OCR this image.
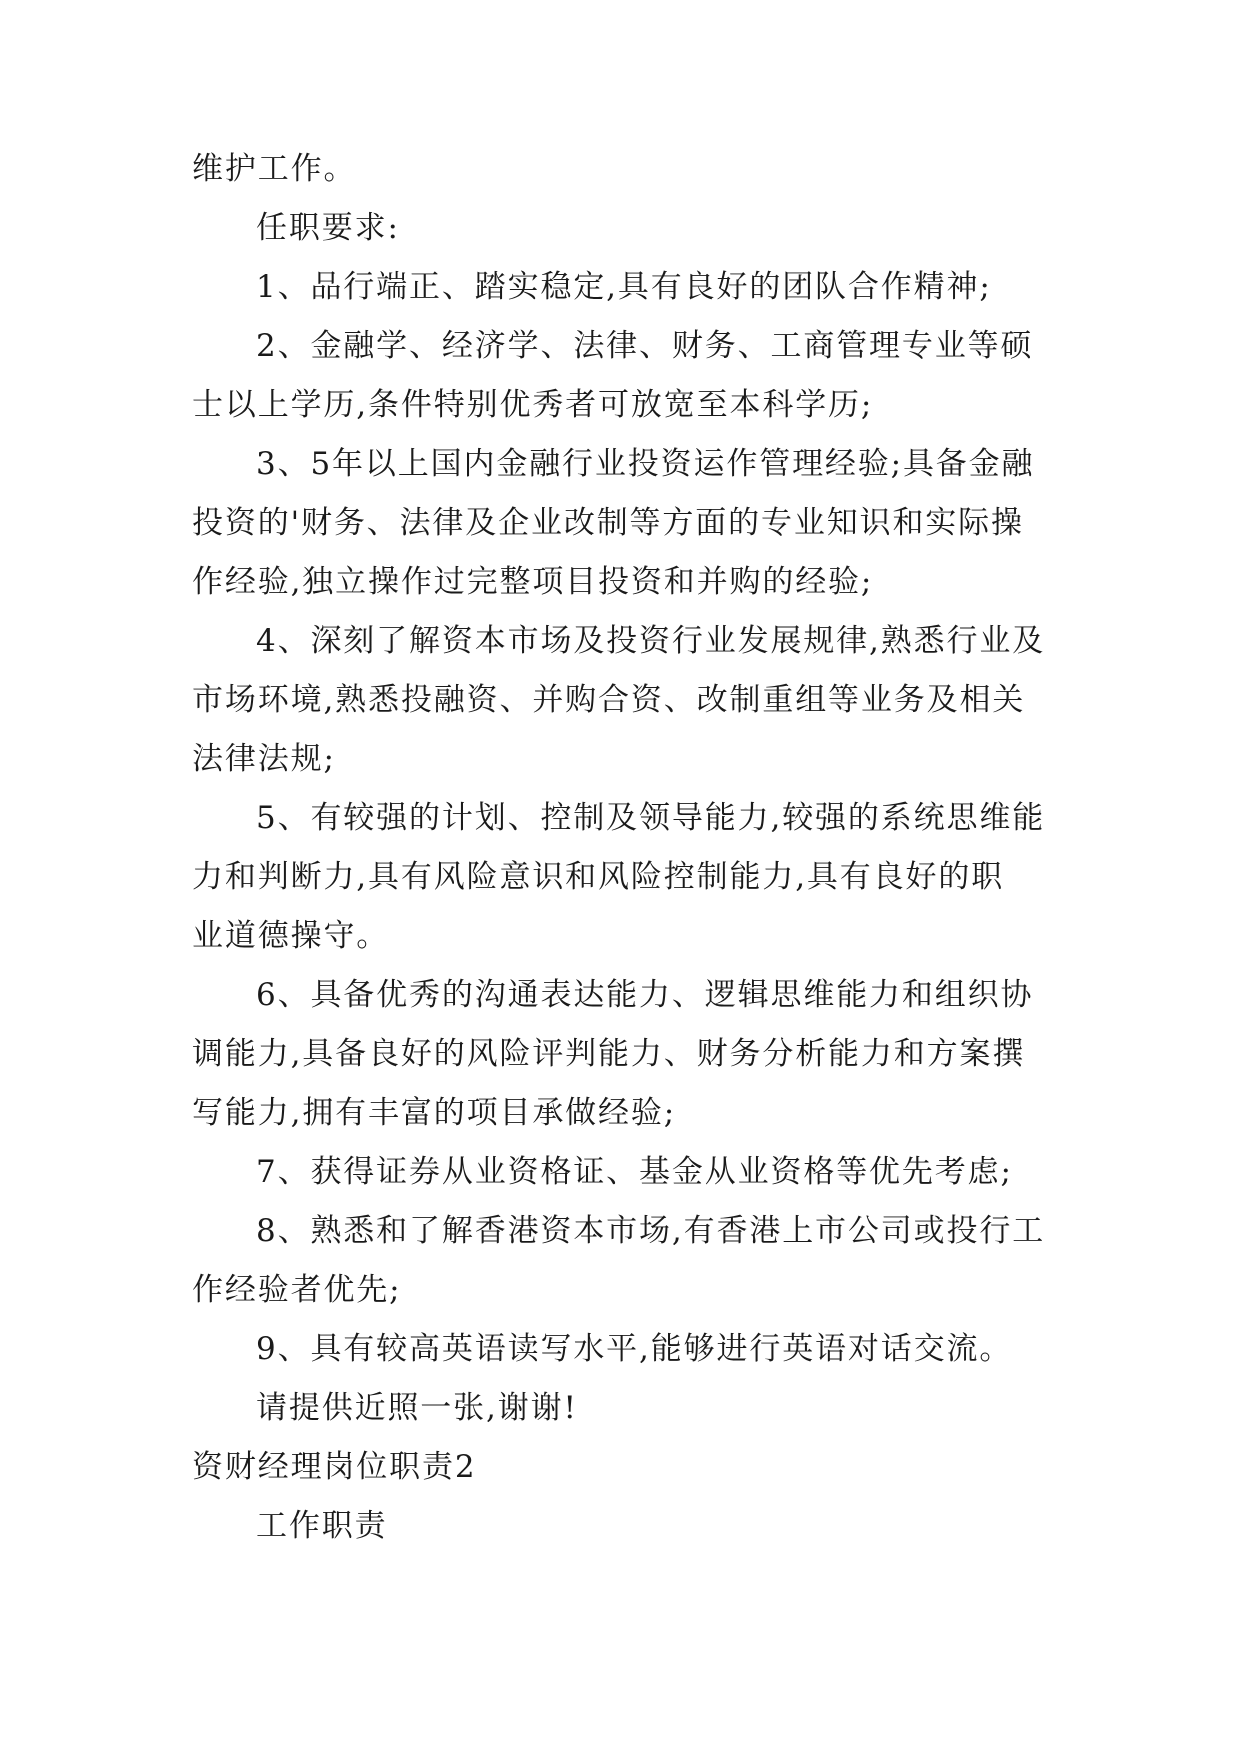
维护工作。

任职要求:

1、品行端正、踏实稳定,具有良好的团队合作精神;

2、金融学、经济学、法律、财务、工商管理专业等硕

士以上学历,条件特别优秀者可放宽至本科学历;

3、5年以上国内金融行业投资运作管理经验;具备金融

投资的'财务、法律及企业改制等方面的专业知识和实际操

作经验,独立操作过完整项目投资和并购的经验;

4、深刻了解资本市场及投资行业发展规律,熟悉行业及

市场环境,熟悉投融资、并购合资、改制重组等业务及相关

法律法规;

5、有较强的计划、控制及领导能力,较强的系统思维能

力和判断力,具有风险意识和风险控制能力,具有良好的职

业道德操守。

6、具备优秀的沟通表达能力、逻辑思维能力和组织协

调能力,具备良好的风险评判能力、财务分析能力和方案撰

写能力,拥有丰富的项目承做经验;

7、获得证券从业资格证、基金从业资格等优先考虑;

8、熟悉和了解香港资本市场,有香港上市公司或投行工

作经验者优先;

9、具有较高英语读写水平,能够进行英语对话交流。

请提供近照一张,谢谢!

资财经理岗位职责2

工作职责
